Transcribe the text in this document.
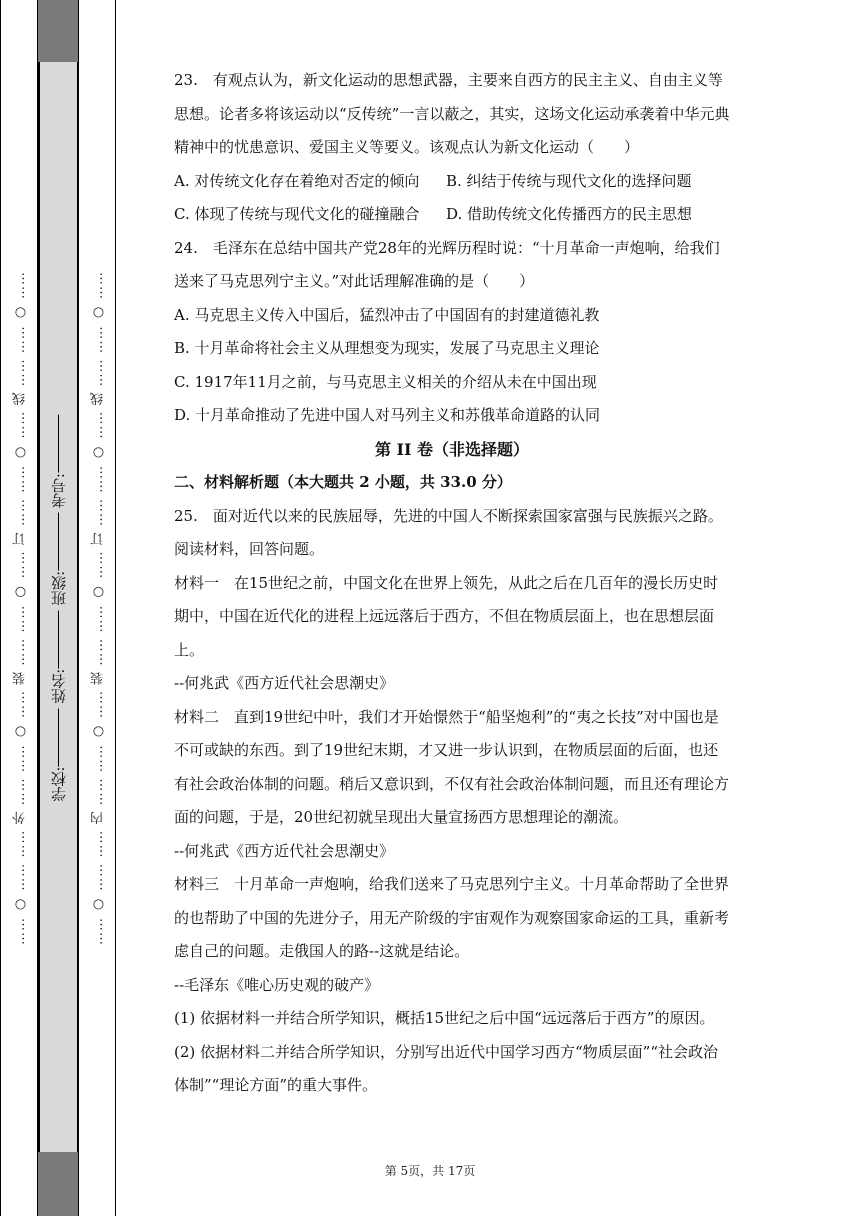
…… ○ …… …… 外 …… …… ○ …… 装 …… …… ○ …… 订 …… …… ○ …… 线 …… …… ○ …… 学校: 姓名: 班级: 考号: …… ○ …… …… 内 …… …… ○ …… 装 …… …… ○ …… 订 …… …… ○ …… 线 …… …… ○ ……

23.　有观点认为，新文化运动的思想武器，主要来自西方的民主主义、自由主义等思想。论者多将该运动以“反传统”一言以蔽之，其实，这场文化运动承袭着中华元典精神中的忧患意识、爱国主义等要义。该观点认为新文化运动（　　）

A. 对传统文化存在着绝对否定的倾向	B. 纠结于传统与现代文化的选择问题
C. 体现了传统与现代文化的碰撞融合	D. 借助传统文化传播西方的民主思想

24.　毛泽东在总结中国共产党28年的光辉历程时说：“十月革命一声炮响，给我们送来了马克思列宁主义。”对此话理解准确的是（　　）

A. 马克思主义传入中国后，猛烈冲击了中国固有的封建道德礼教

B. 十月革命将社会主义从理想变为现实，发展了马克思主义理论

C. 1917年11月之前，与马克思主义相关的介绍从未在中国出现

D. 十月革命推动了先进中国人对马列主义和苏俄革命道路的认同

第 II 卷（非选择题）

二、材料解析题（本大题共 2 小题，共 33.0 分）

25.　面对近代以来的民族屈辱，先进的中国人不断探索国家富强与民族振兴之路。阅读材料，回答问题。

材料一　在15世纪之前，中国文化在世界上领先，从此之后在几百年的漫长历史时期中，中国在近代化的进程上远远落后于西方，不但在物质层面上，也在思想层面上。

--何兆武《西方近代社会思潮史》

材料二　直到19世纪中叶，我们才开始憬然于“船坚炮利”的“夷之长技”对中国也是不可或缺的东西。到了19世纪末期，才又进一步认识到，在物质层面的后面，也还有社会政治体制的问题。稍后又意识到，不仅有社会政治体制问题，而且还有理论方面的问题，于是，20世纪初就呈现出大量宣扬西方思想理论的潮流。

--何兆武《西方近代社会思潮史》

材料三　十月革命一声炮响，给我们送来了马克思列宁主义。十月革命帮助了全世界的也帮助了中国的先进分子，用无产阶级的宇宙观作为观察国家命运的工具，重新考虑自己的问题。走俄国人的路--这就是结论。

--毛泽东《唯心历史观的破产》

(1) 依据材料一并结合所学知识，概括15世纪之后中国“远远落后于西方”的原因。

(2) 依据材料二并结合所学知识，分别写出近代中国学习西方“物质层面”“社会政治体制”“理论方面”的重大事件。

第 5页，共 17页
